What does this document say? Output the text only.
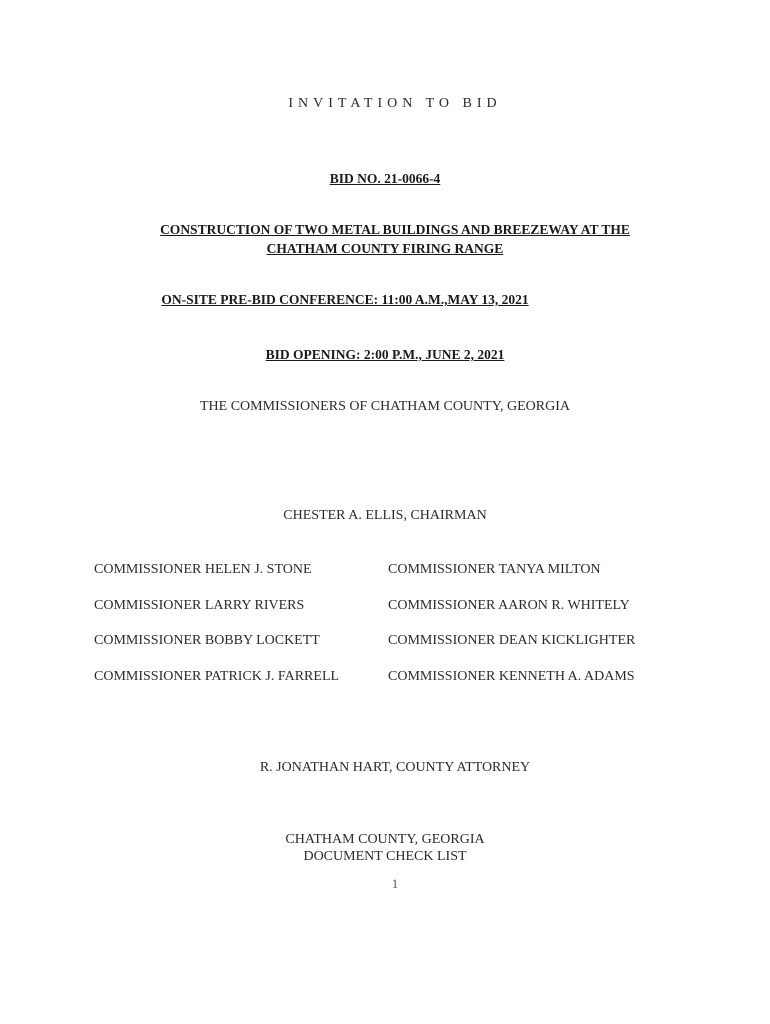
INVITATION TO BID
BID NO. 21-0066-4
CONSTRUCTION OF TWO METAL BUILDINGS AND BREEZEWAY AT THE
CHATHAM COUNTY FIRING RANGE
ON-SITE PRE-BID CONFERENCE: 11:00 A.M.,MAY 13, 2021
BID OPENING: 2:00 P.M., JUNE 2, 2021
THE COMMISSIONERS OF CHATHAM COUNTY, GEORGIA
CHESTER A. ELLIS, CHAIRMAN
COMMISSIONER HELEN J. STONE	COMMISSIONER TANYA MILTON
COMMISSIONER LARRY RIVERS	COMMISSIONER AARON R. WHITELY
COMMISSIONER BOBBY LOCKETT	COMMISSIONER DEAN KICKLIGHTER
COMMISSIONER PATRICK J. FARRELL	COMMISSIONER KENNETH A. ADAMS
R. JONATHAN HART, COUNTY ATTORNEY
CHATHAM COUNTY, GEORGIA
DOCUMENT CHECK LIST
1
